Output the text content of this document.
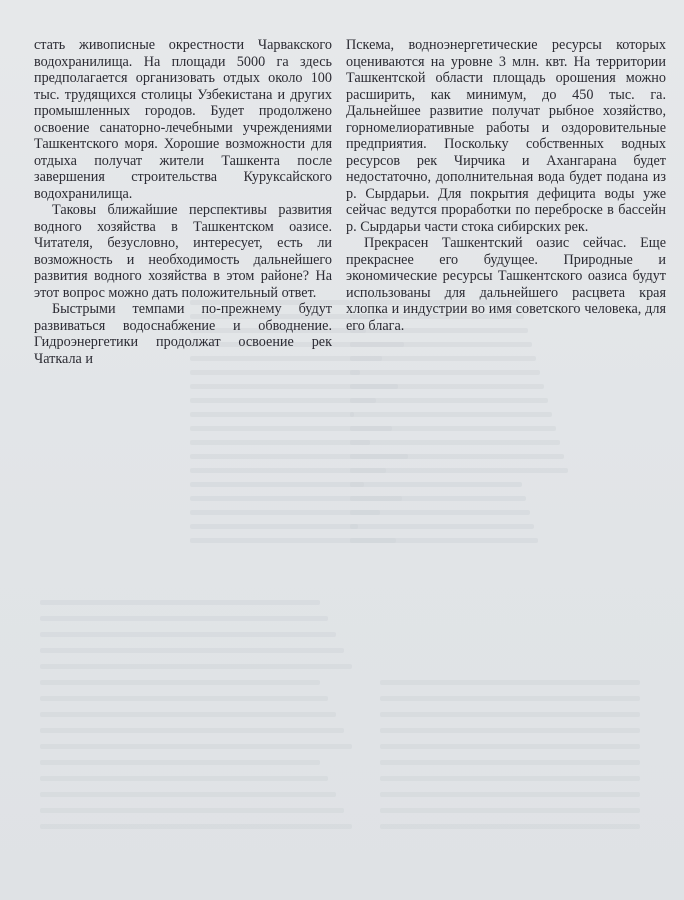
стать живописные окрестности Чарвакского водохранилища. На площади 5000 га здесь предполагается организовать отдых около 100 тыс. трудящихся столицы Узбекистана и других промышленных городов. Будет продолжено освоение санаторно-лечебными учреждениями Ташкентского моря. Хорошие возможности для отдыха получат жители Ташкента после завершения строительства Куруксайского водохранилища.

Таковы ближайшие перспективы развития водного хозяйства в Ташкентском оазисе. Читателя, безусловно, интересует, есть ли возможность и необходимость дальнейшего развития водного хозяйства в этом районе? На этот вопрос можно дать положительный ответ.

Быстрыми темпами по-прежнему будут развиваться водоснабжение и обводнение. Гидроэнергетики продолжат освоение рек Чаткала и

Пскема, водноэнергетические ресурсы которых оцениваются на уровне 3 млн. квт. На территории Ташкентской области площадь орошения можно расширить, как минимум, до 450 тыс. га. Дальнейшее развитие получат рыбное хозяйство, горномелиоративные работы и оздоровительные предприятия. Поскольку собственных водных ресурсов рек Чирчика и Ахангарана будет недостаточно, дополнительная вода будет подана из р. Сырдарьи. Для покрытия дефицита воды уже сейчас ведутся проработки по переброске в бассейн р. Сырдарьи части стока сибирских рек.

Прекрасен Ташкентский оазис сейчас. Еще прекраснее его будущее. Природные и экономические ресурсы Ташкентского оазиса будут использованы для дальнейшего расцвета края хлопка и индустрии во имя советского человека, для его блага.
